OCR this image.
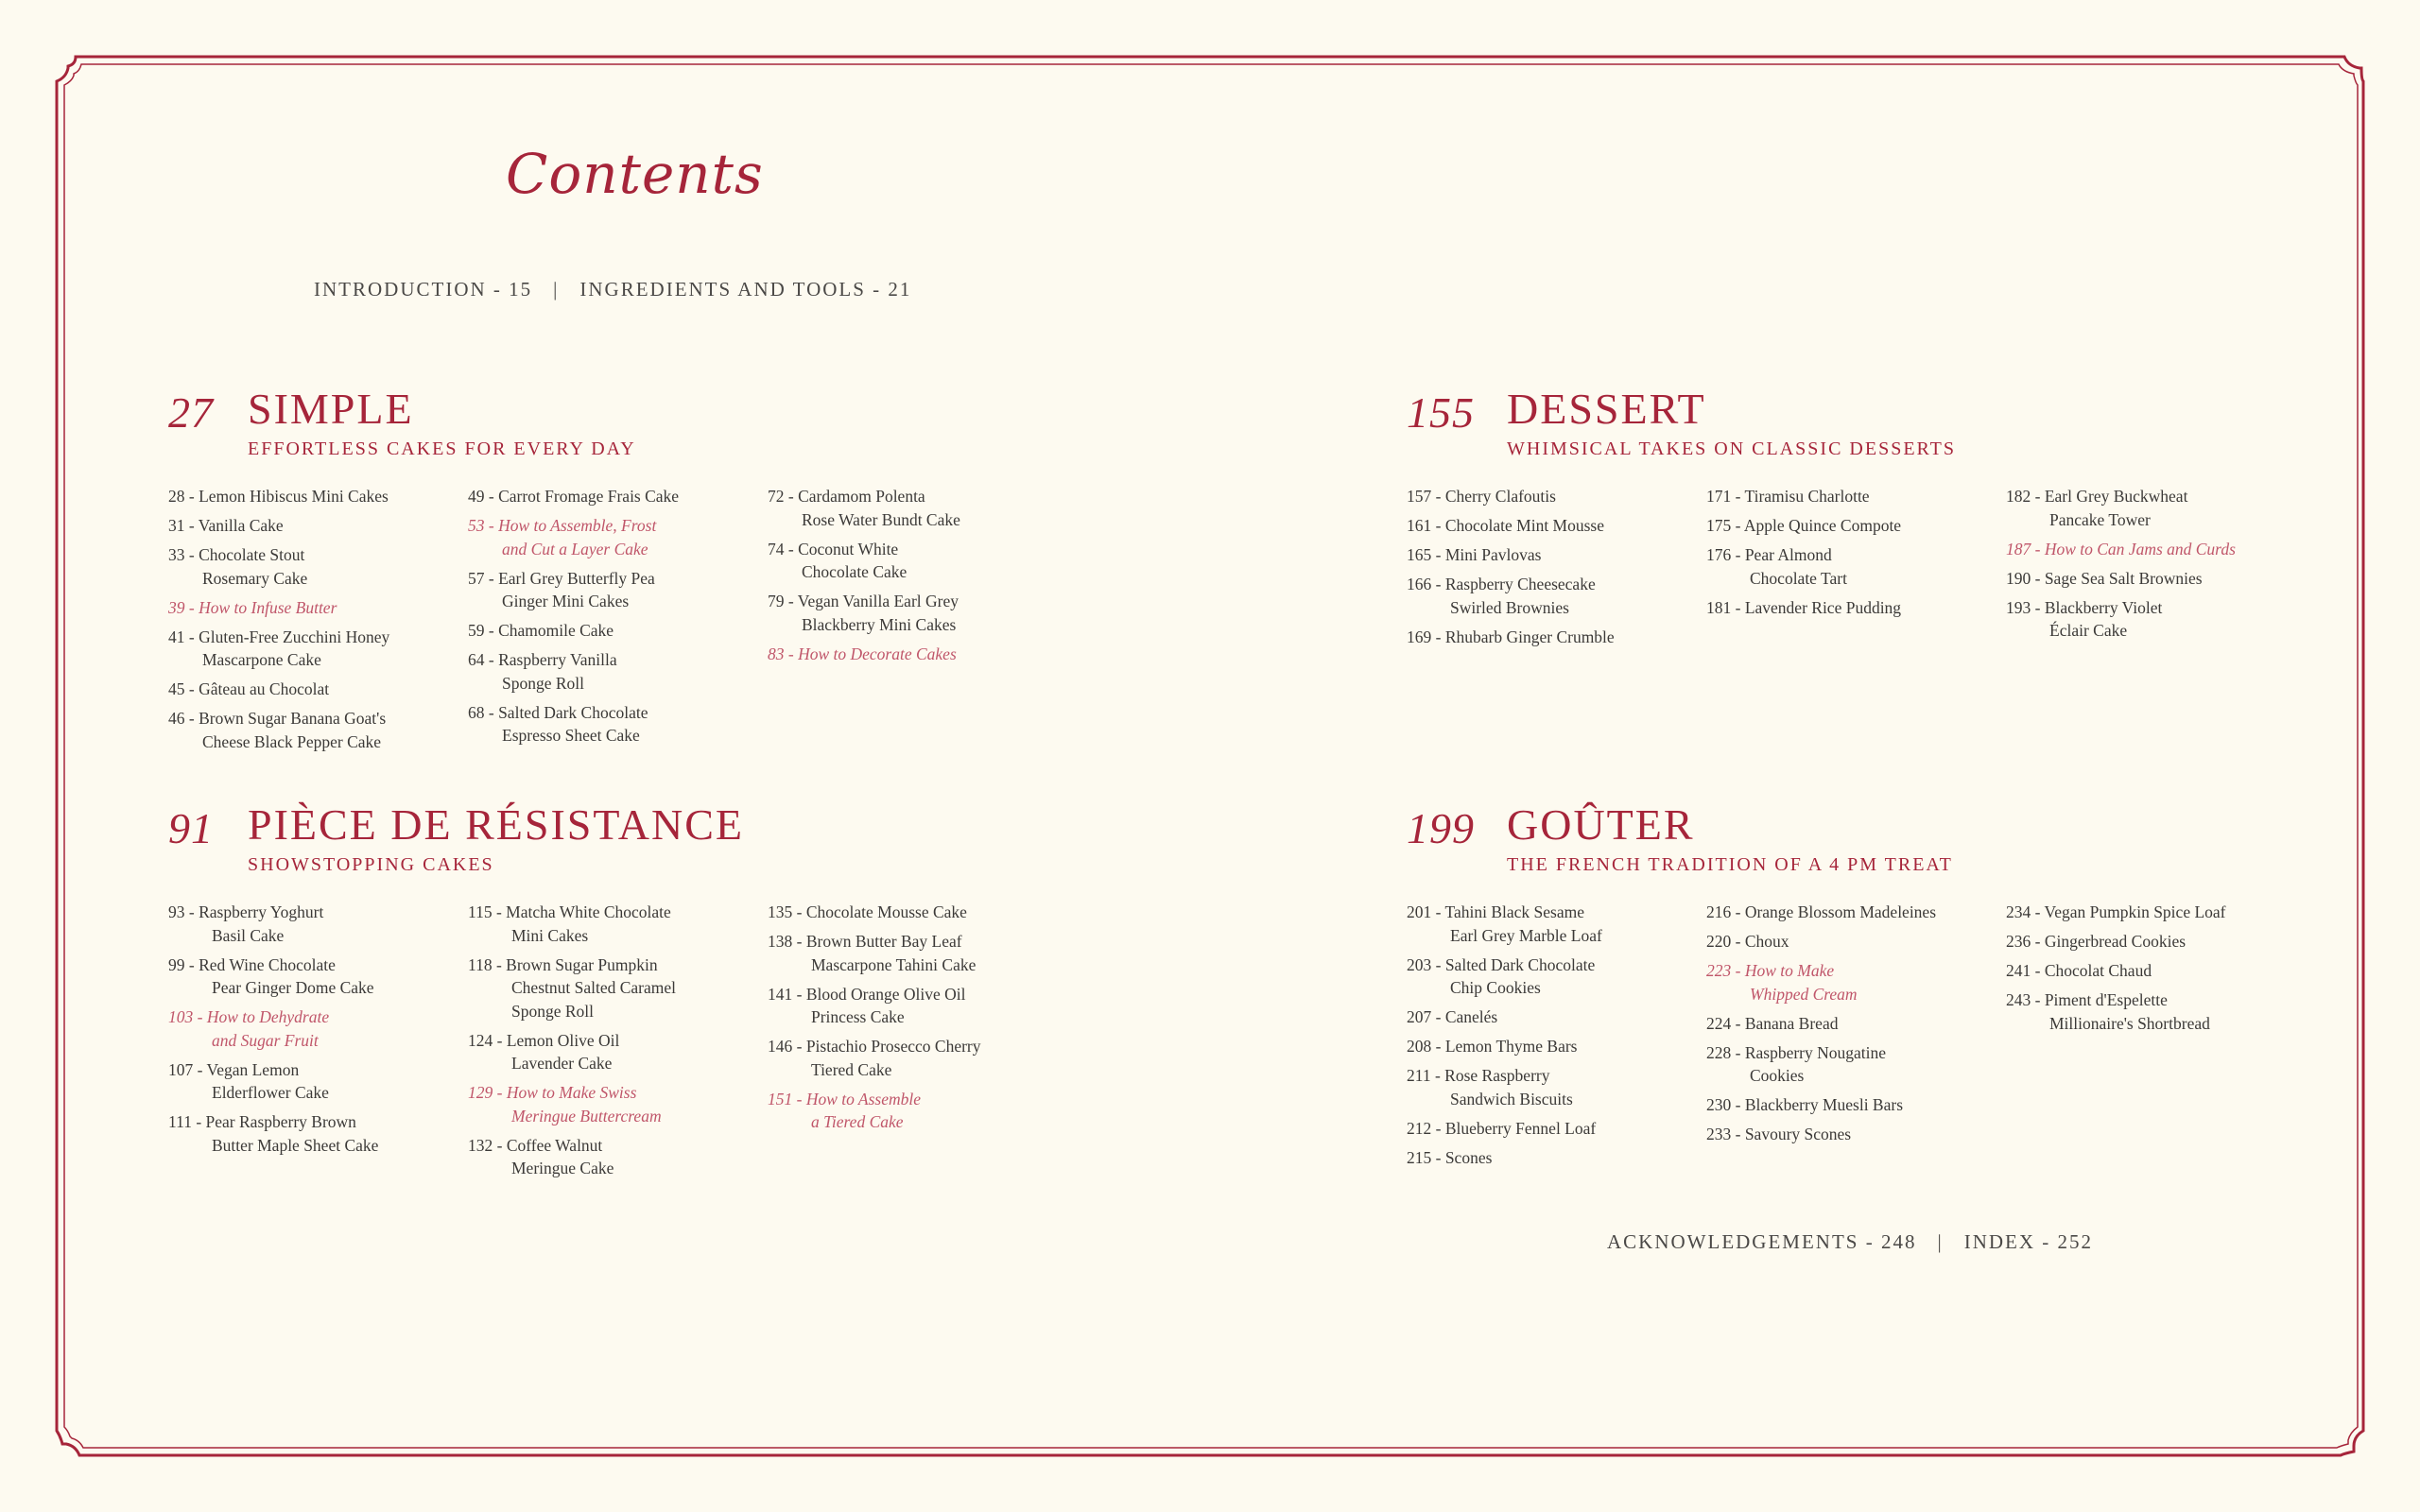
Contents
INTRODUCTION - 15 | INGREDIENTS AND TOOLS - 21
27 SIMPLE
EFFORTLESS CAKES FOR EVERY DAY
28 - Lemon Hibiscus Mini Cakes
31 - Vanilla Cake
33 - Chocolate Stout
Rosemary Cake
39 - How to Infuse Butter
41 - Gluten-Free Zucchini Honey
Mascarpone Cake
45 - Gâteau au Chocolat
46 - Brown Sugar Banana Goat's
Cheese Black Pepper Cake
49 - Carrot Fromage Frais Cake
53 - How to Assemble, Frost
and Cut a Layer Cake
57 - Earl Grey Butterfly Pea
Ginger Mini Cakes
59 - Chamomile Cake
64 - Raspberry Vanilla
Sponge Roll
68 - Salted Dark Chocolate
Espresso Sheet Cake
72 - Cardamom Polenta
Rose Water Bundt Cake
74 - Coconut White
Chocolate Cake
79 - Vegan Vanilla Earl Grey
Blackberry Mini Cakes
83 - How to Decorate Cakes
91 PIÈCE DE RÉSISTANCE
SHOWSTOPPING CAKES
93 - Raspberry Yoghurt
Basil Cake
99 - Red Wine Chocolate
Pear Ginger Dome Cake
103 - How to Dehydrate
and Sugar Fruit
107 - Vegan Lemon
Elderflower Cake
111 - Pear Raspberry Brown
Butter Maple Sheet Cake
115 - Matcha White Chocolate
Mini Cakes
118 - Brown Sugar Pumpkin
Chestnut Salted Caramel
Sponge Roll
124 - Lemon Olive Oil
Lavender Cake
129 - How to Make Swiss
Meringue Buttercream
132 - Coffee Walnut
Meringue Cake
135 - Chocolate Mousse Cake
138 - Brown Butter Bay Leaf
Mascarpone Tahini Cake
141 - Blood Orange Olive Oil
Princess Cake
146 - Pistachio Prosecco Cherry
Tiered Cake
151 - How to Assemble
a Tiered Cake
155 DESSERT
WHIMSICAL TAKES ON CLASSIC DESSERTS
157 - Cherry Clafoutis
161 - Chocolate Mint Mousse
165 - Mini Pavlovas
166 - Raspberry Cheesecake
Swirled Brownies
169 - Rhubarb Ginger Crumble
171 - Tiramisu Charlotte
175 - Apple Quince Compote
176 - Pear Almond
Chocolate Tart
181 - Lavender Rice Pudding
182 - Earl Grey Buckwheat
Pancake Tower
187 - How to Can Jams and Curds
190 - Sage Sea Salt Brownies
193 - Blackberry Violet
Éclair Cake
199 GOÛTER
THE FRENCH TRADITION OF A 4 PM TREAT
201 - Tahini Black Sesame
Earl Grey Marble Loaf
203 - Salted Dark Chocolate
Chip Cookies
207 - Canelés
208 - Lemon Thyme Bars
211 - Rose Raspberry
Sandwich Biscuits
212 - Blueberry Fennel Loaf
215 - Scones
216 - Orange Blossom Madeleines
220 - Choux
223 - How to Make
Whipped Cream
224 - Banana Bread
228 - Raspberry Nougatine
Cookies
230 - Blackberry Muesli Bars
233 - Savoury Scones
234 - Vegan Pumpkin Spice Loaf
236 - Gingerbread Cookies
241 - Chocolat Chaud
243 - Piment d'Espelette
Millionaire's Shortbread
ACKNOWLEDGEMENTS - 248 | INDEX - 252
